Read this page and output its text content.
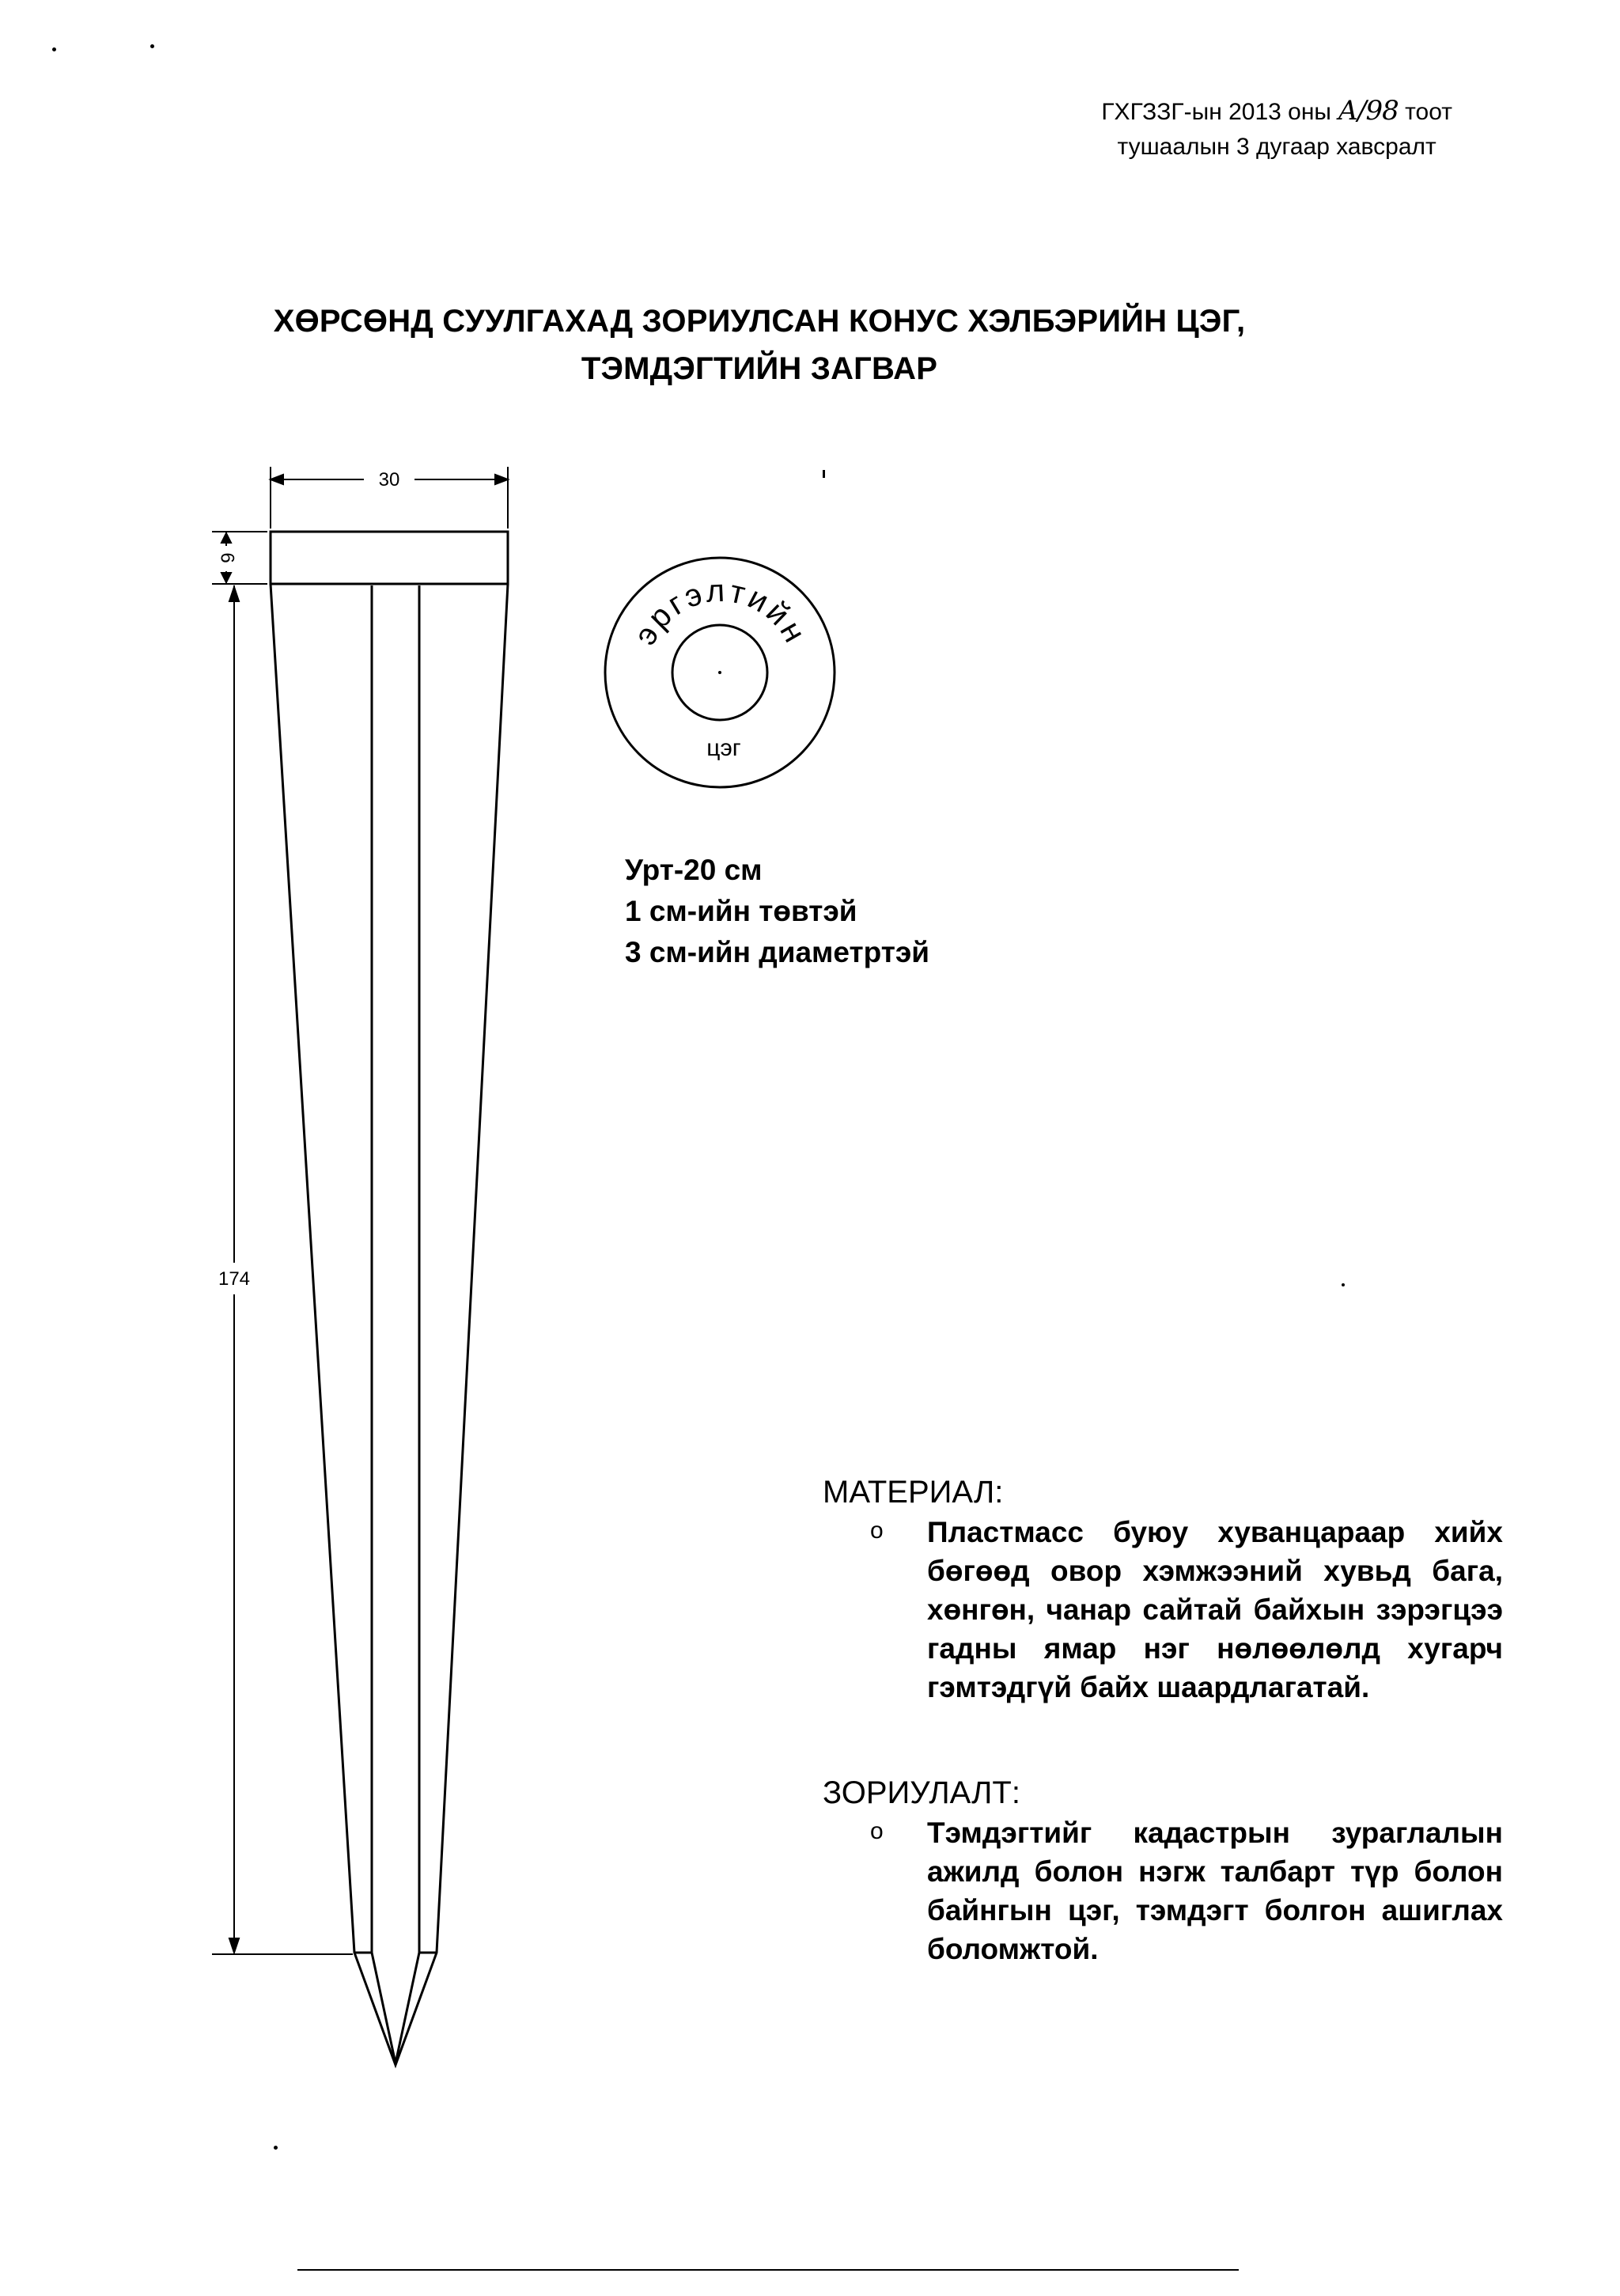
ГХГЗЗГ-ын 2013 оны А/98 тоот
тушаалын 3 дугаар хавсралт
ХӨРСӨНД СУУЛГАХАД ЗОРИУЛСАН КОНУС ХЭЛБЭРИЙН ЦЭГ,
ТЭМДЭГТИЙН ЗАГВАР
30
6
174
эргэлтийн
цэг
Урт-20 см
1 см-ийн төвтэй
3 см-ийн диаметртэй
МАТЕРИАЛ:
o Пластмасс буюу хуванцараар хийх бөгөөд овор хэмжээний хувьд бага, хөнгөн, чанар сайтай байхын зэрэгцээ гадны ямар нэг нөлөөлөлд хугарч гэмтэдгүй байх шаардлагатай.
ЗОРИУЛАЛТ:
o Тэмдэгтийг кадастрын зураглалын ажилд болон нэгж талбарт түр болон байнгын цэг, тэмдэгт болгон ашиглах боломжтой.
